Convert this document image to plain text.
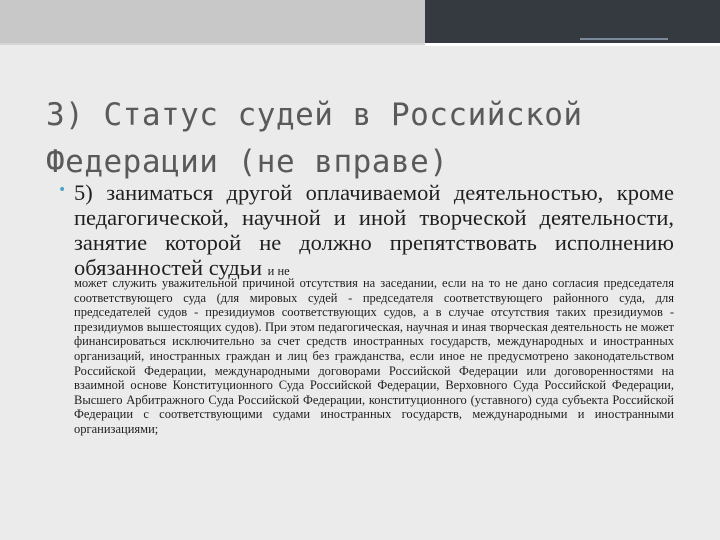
3) Статус судей в Российской
Федерации (не вправе)
• 5) заниматься другой оплачиваемой деятельностью, кроме педагогической, научной и иной творческой деятельности, занятие которой не должно препятствовать исполнению обязанностей судьи и не
может служить уважительной причиной отсутствия на заседании, если на то не дано согласия председателя соответствующего суда (для мировых судей - председателя соответствующего районного суда, для председателей судов - президиумов соответствующих судов, а в случае отсутствия таких президиумов - президиумов вышестоящих судов). При этом педагогическая, научная и иная творческая деятельность не может финансироваться исключительно за счет средств иностранных государств, международных и иностранных организаций, иностранных граждан и лиц без гражданства, если иное не предусмотрено законодательством Российской Федерации, международными договорами Российской Федерации или договоренностями на взаимной основе Конституционного Суда Российской Федерации, Верховного Суда Российской Федерации, Высшего Арбитражного Суда Российской Федерации, конституционного (уставного) суда субъекта Российской Федерации с соответствующими судами иностранных государств, международными и иностранными организациями;
